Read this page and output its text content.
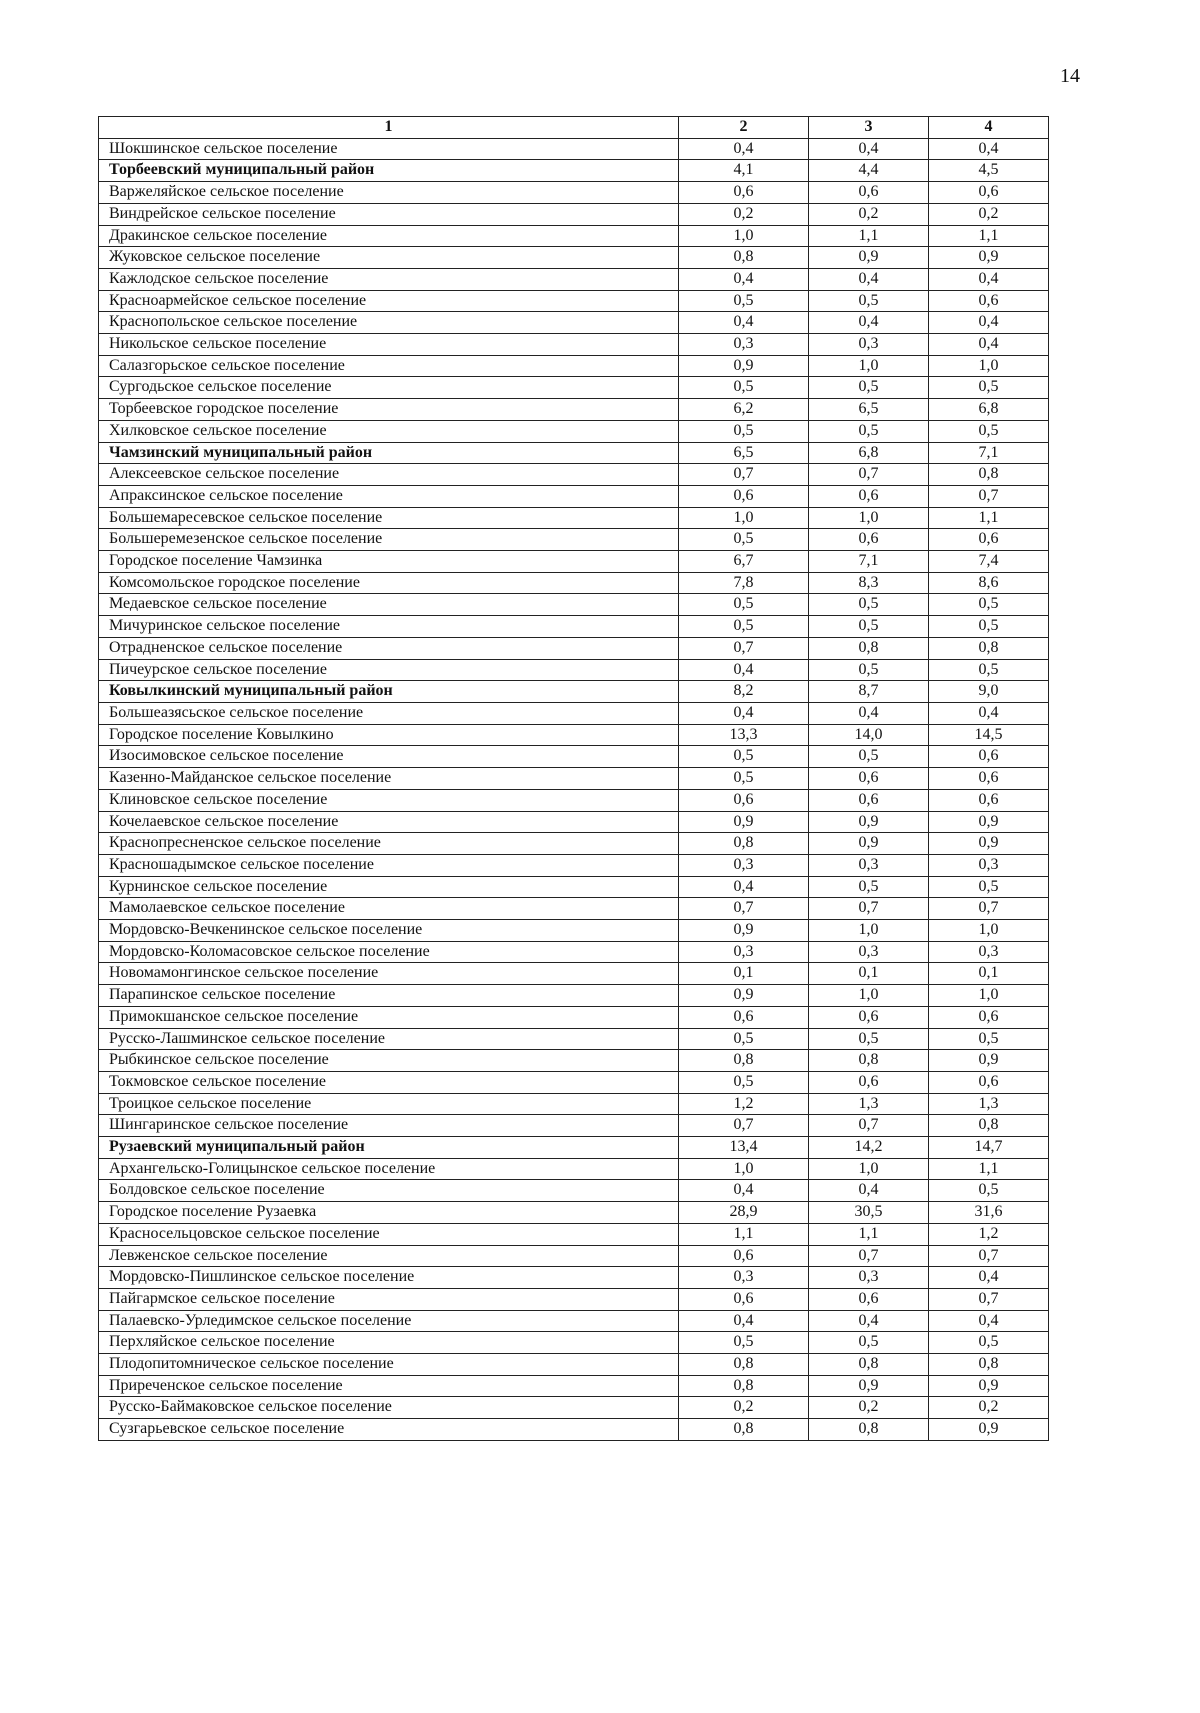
14
1	2	3	4
Шокшинское сельское поселение	0,4	0,4	0,4
Торбеевский муниципальный район	4,1	4,4	4,5
Варжеляйское сельское поселение	0,6	0,6	0,6
Виндрейское сельское поселение	0,2	0,2	0,2
Дракинское сельское поселение	1,0	1,1	1,1
Жуковское сельское поселение	0,8	0,9	0,9
Кажлодское сельское поселение	0,4	0,4	0,4
Красноармейское сельское поселение	0,5	0,5	0,6
Краснопольское сельское поселение	0,4	0,4	0,4
Никольское сельское поселение	0,3	0,3	0,4
Салазгорьское сельское поселение	0,9	1,0	1,0
Сургодьское сельское поселение	0,5	0,5	0,5
Торбеевское городское поселение	6,2	6,5	6,8
Хилковское сельское поселение	0,5	0,5	0,5
Чамзинский муниципальный район	6,5	6,8	7,1
Алексеевское сельское поселение	0,7	0,7	0,8
Апраксинское сельское поселение	0,6	0,6	0,7
Большемаресевское сельское поселение	1,0	1,0	1,1
Большеремезенское сельское поселение	0,5	0,6	0,6
Городское поселение Чамзинка	6,7	7,1	7,4
Комсомольское городское поселение	7,8	8,3	8,6
Медаевское сельское поселение	0,5	0,5	0,5
Мичуринское сельское поселение	0,5	0,5	0,5
Отрадненское сельское поселение	0,7	0,8	0,8
Пичеурское сельское поселение	0,4	0,5	0,5
Ковылкинский муниципальный район	8,2	8,7	9,0
Большеазясьское сельское поселение	0,4	0,4	0,4
Городское поселение Ковылкино	13,3	14,0	14,5
Изосимовское сельское поселение	0,5	0,5	0,6
Казенно-Майданское сельское поселение	0,5	0,6	0,6
Клиновское сельское поселение	0,6	0,6	0,6
Кочелаевское сельское поселение	0,9	0,9	0,9
Краснопресненское сельское поселение	0,8	0,9	0,9
Красношадымское сельское поселение	0,3	0,3	0,3
Курнинское сельское поселение	0,4	0,5	0,5
Мамолаевское сельское поселение	0,7	0,7	0,7
Мордовско-Вечкенинское сельское поселение	0,9	1,0	1,0
Мордовско-Коломасовское сельское поселение	0,3	0,3	0,3
Новомамонгинское сельское поселение	0,1	0,1	0,1
Парапинское сельское поселение	0,9	1,0	1,0
Примокшанское сельское поселение	0,6	0,6	0,6
Русско-Лашминское сельское поселение	0,5	0,5	0,5
Рыбкинское сельское поселение	0,8	0,8	0,9
Токмовское сельское поселение	0,5	0,6	0,6
Троицкое сельское поселение	1,2	1,3	1,3
Шингаринское сельское поселение	0,7	0,7	0,8
Рузаевский муниципальный район	13,4	14,2	14,7
Архангельско-Голицынское сельское поселение	1,0	1,0	1,1
Болдовское сельское поселение	0,4	0,4	0,5
Городское поселение Рузаевка	28,9	30,5	31,6
Красносельцовское сельское поселение	1,1	1,1	1,2
Левженское сельское поселение	0,6	0,7	0,7
Мордовско-Пишлинское сельское поселение	0,3	0,3	0,4
Пайгармское сельское поселение	0,6	0,6	0,7
Палаевско-Урледимское сельское поселение	0,4	0,4	0,4
Перхляйское сельское поселение	0,5	0,5	0,5
Плодопитомническое сельское поселение	0,8	0,8	0,8
Приреченское сельское поселение	0,8	0,9	0,9
Русско-Баймаковское сельское поселение	0,2	0,2	0,2
Сузгарьевское сельское поселение	0,8	0,8	0,9
